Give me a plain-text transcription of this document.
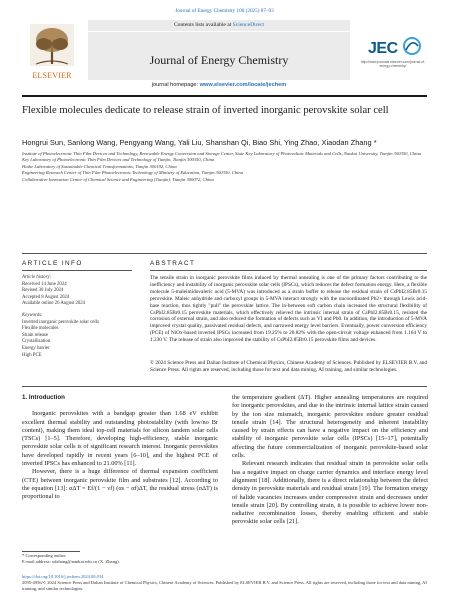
Journal of Energy Chemistry 100 (2025) 87–93
ELSEVIER
Contents lists available at ScienceDirect
Journal of Energy Chemistry
journal homepage: www.elsevier.com/locate/jechem
JEC
http://www.journals.elsevier.com/journal-of-energy-chemistry/
Flexible molecules dedicate to release strain of inverted inorganic perovskite solar cell
Hongrui Sun, Sanlong Wang, Pengyang Wang, Yali Liu, Shanshan Qi, Biao Shi, Ying Zhao, Xiaodan Zhang *
Institute of Photoelectronic Thin Film Devices and Technology, Renewable Energy Conversion and Storage Center, State Key Laboratory of Photovoltaic Materials and Cells, Nankai University, Tianjin 300350, China
Key Laboratory of Photoelectronic Thin Film Devices and Technology of Tianjin, Tianjin 300350, China
Haihe Laboratory of Sustainable Chemical Transformations, Tianjin 300192, China
Engineering Research Center of Thin Film Photoelectronic Technology of Ministry of Education, Tianjin 300350, China
Collaborative Innovation Center of Chemical Science and Engineering (Tianjin), Tianjin 300072, China
ARTICLE INFO	ABSTRACT
Article history:
Received 14 June 2024
Revised 30 July 2024
Accepted 8 August 2024
Available online 26 August 2024
Keywords:
Inverted inorganic perovskite solar cells
Flexible molecules
Strain release
Crystallization
Energy barrier
High PCE
The tensile strain in inorganic perovskite films induced by thermal annealing is one of the primary factors contributing to the inefficiency and instability of inorganic perovskite solar cells (IPSCs), which reduces the defect formation energy. Here, a flexible molecule 5-maleimidovaleric acid (5-MVA) was introduced as a strain buffer to release the residual strain of CsPbI2.85Br0.15 perovskite. Maleic anhydride and carboxyl groups in 5-MVA interact strongly with the uncoordinated Pb2+ through Lewis acid-base reaction, thus tightly "pull" the perovskite lattice. The in-between soft carbon chain increased the structural flexibility of CsPbI2.85Br0.15 perovskite materials, which effectively relieved the intrinsic internal strain of CsPbI2.85Br0.15, resisted the corrosion of external strain, and also reduced the formation of defects such as VI and Pb0. In addition, the introduction of 5-MVA improved crystal quality, passivated residual defects, and narrowed energy level barriers. Eventually, power conversion efficiency (PCE) of NiOx-based inverted IPSCs increased from 19.25% to 20.82% with the open-circuit voltage enhanced from 1.164 V to 1.230 V. The release of strain also improved the stability of CsPbI2.85Br0.15 perovskite films and devices.
© 2024 Science Press and Dalian Institute of Chemical Physics, Chinese Academy of Sciences. Published by ELSEVIER B.V. and Science Press. All rights are reserved, including those for text and data mining, AI training, and similar technologies.
1. Introduction

Inorganic perovskites with a bandgap greater than 1.68 eV exhibit excellent thermal stability and outstanding photostability (with low/no Br content), making them ideal top-cell materials for silicon tandem solar cells (TSCs) [1–5]. Therefore, developing high-efficiency, stable inorganic perovskite solar cells is of significant research interest. Inorganic perovskites have developed rapidly in recent years [6–10], and the highest PCE of inverted IPSCs has enhanced to 21.00% [11].

However, there is a huge difference of thermal expansion coefficient (CTE) between inorganic perovskite film and substrates [12]. According to the equation [13]: σΔT = Ef/(1 − νf) (αs − αf)ΔT, the residual stress (σΔT) is proportional to

the temperature gradient (ΔT). Higher annealing temperatures are required for inorganic perovskites, and due to the intrinsic internal lattice strain caused by the ion size mismatch, inorganic perovskites endure greater residual tensile strain [14]. The structural heterogeneity and inherent instability caused by strain effects can have a negative impact on the efficiency and stability of inorganic perovskite solar cells (IPSCs) [15–17], potentially affecting the future commercialization of inorganic perovskite-based solar cells.

Relevant research indicates that residual strain in perovskite solar cells has a negative impact on charge carrier dynamics and interface energy level alignment [18]. Additionally, there is a direct relationship between the defect density in perovskite materials and residual strain [19]. The formation energy of halide vacancies increases under compressive strain and decreases under tensile strain [20]. By controlling strain, it is possible to achieve lower non-radiative recombination losses, thereby enabling efficient and stable perovskite solar cells [21].

* Corresponding author.
E-mail address: xdzhang@nankai.edu.cn (X. Zhang).
https://doi.org/10.1016/j.jechem.2024.08.034
2095-4956/© 2024 Science Press and Dalian Institute of Chemical Physics, Chinese Academy of Sciences. Published by ELSEVIER B.V. and Science Press. All rights are reserved, including those for text and data mining, AI training, and similar technologies.
